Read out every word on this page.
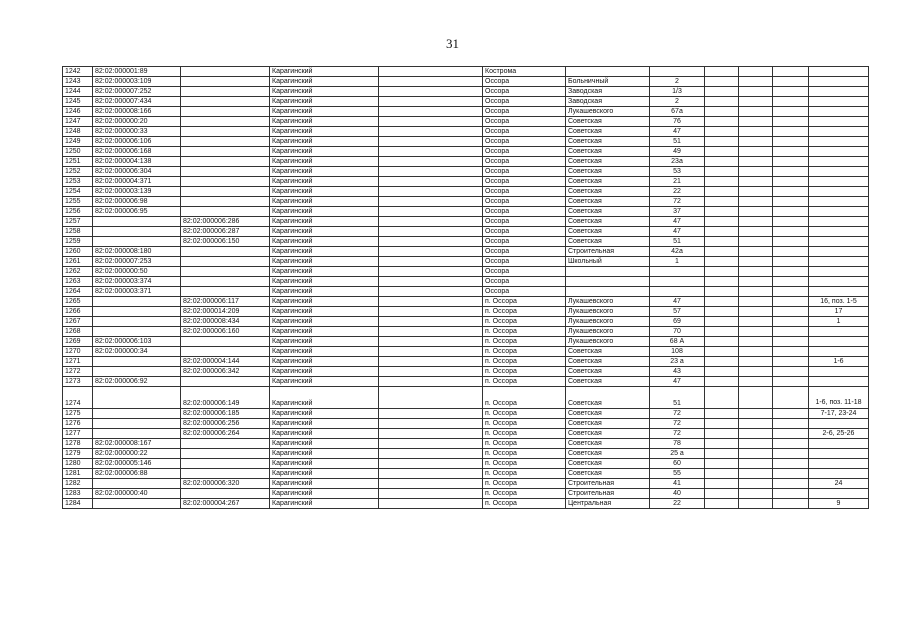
31
1242	82:02:000001:89		Карагинский		Кострома						
1243	82:02:000003:109		Карагинский		Оссора	Больничный	2				
1244	82:02:000007:252		Карагинский		Оссора	Заводская	1/3				
1245	82:02:000007:434		Карагинский		Оссора	Заводская	2				
1246	82:02:000008:166		Карагинский		Оссора	Лукашевского	67а				
1247	82:02:000000:20		Карагинский		Оссора	Советская	76				
1248	82:02:000000:33		Карагинский		Оссора	Советская	47				
1249	82:02:000006:106		Карагинский		Оссора	Советская	51				
1250	82:02:000006:168		Карагинский		Оссора	Советская	49				
1251	82:02:000004:138		Карагинский		Оссора	Советская	23а				
1252	82:02:000006:304		Карагинский		Оссора	Советская	53				
1253	82:02:000004:371		Карагинский		Оссора	Советская	21				
1254	82:02:000003:139		Карагинский		Оссора	Советская	22				
1255	82:02:000006:98		Карагинский		Оссора	Советская	72				
1256	82:02:000006:95		Карагинский		Оссора	Советская	37				
1257		82:02:000006:286	Карагинский		Оссора	Советская	47				
1258		82:02:000006:287	Карагинский		Оссора	Советская	47				
1259		82:02:000006:150	Карагинский		Оссора	Советская	51				
1260	82:02:000008:180		Карагинский		Оссора	Строительная	42а				
1261	82:02:000007:253		Карагинский		Оссора	Школьный	1				
1262	82:02:000000:50		Карагинский		Оссора						
1263	82:02:000003:374		Карагинский		Оссора						
1264	82:02:000003:371		Карагинский		Оссора						
1265		82:02:000006:117	Карагинский		п. Оссора	Лукашевского	47				16, поз. 1-5
1266		82:02:000014:209	Карагинский		п. Оссора	Лукашевского	57				17
1267		82:02:000008:434	Карагинский		п. Оссора	Лукашевского	69				1
1268		82:02:000006:160	Карагинский		п. Оссора	Лукашевского	70				
1269	82:02:000006:103		Карагинский		п. Оссора	Лукашевского	68 А				
1270	82:02:000000:34		Карагинский		п. Оссора	Советская	108				
1271		82:02:000004:144	Карагинский		п. Оссора	Советская	23 а				1-6
1272		82:02:000006:342	Карагинский		п. Оссора	Советская	43				
1273	82:02:000006:92		Карагинский		п. Оссора	Советская	47				
1274		82:02:000006:149	Карагинский		п. Оссора	Советская	51				1-6, поз. 11-18
1275		82:02:000006:185	Карагинский		п. Оссора	Советская	72				7-17, 23-24
1276		82:02:000006:256	Карагинский		п. Оссора	Советская	72				
1277		82:02:000006:264	Карагинский		п. Оссора	Советская	72				2-6, 25-26
1278	82:02:000008:167		Карагинский		п. Оссора	Советская	78				
1279	82:02:000000:22		Карагинский		п. Оссора	Советская	25 а				
1280	82:02:000005:146		Карагинский		п. Оссора	Советская	60				
1281	82:02:000006:88		Карагинский		п. Оссора	Советская	55				
1282		82:02:000006:320	Карагинский		п. Оссора	Строительная	41				24
1283	82:02:000000:40		Карагинский		п. Оссора	Строительная	40				
1284		82:02:000004:267	Карагинский		п. Оссора	Центральная	22				9
